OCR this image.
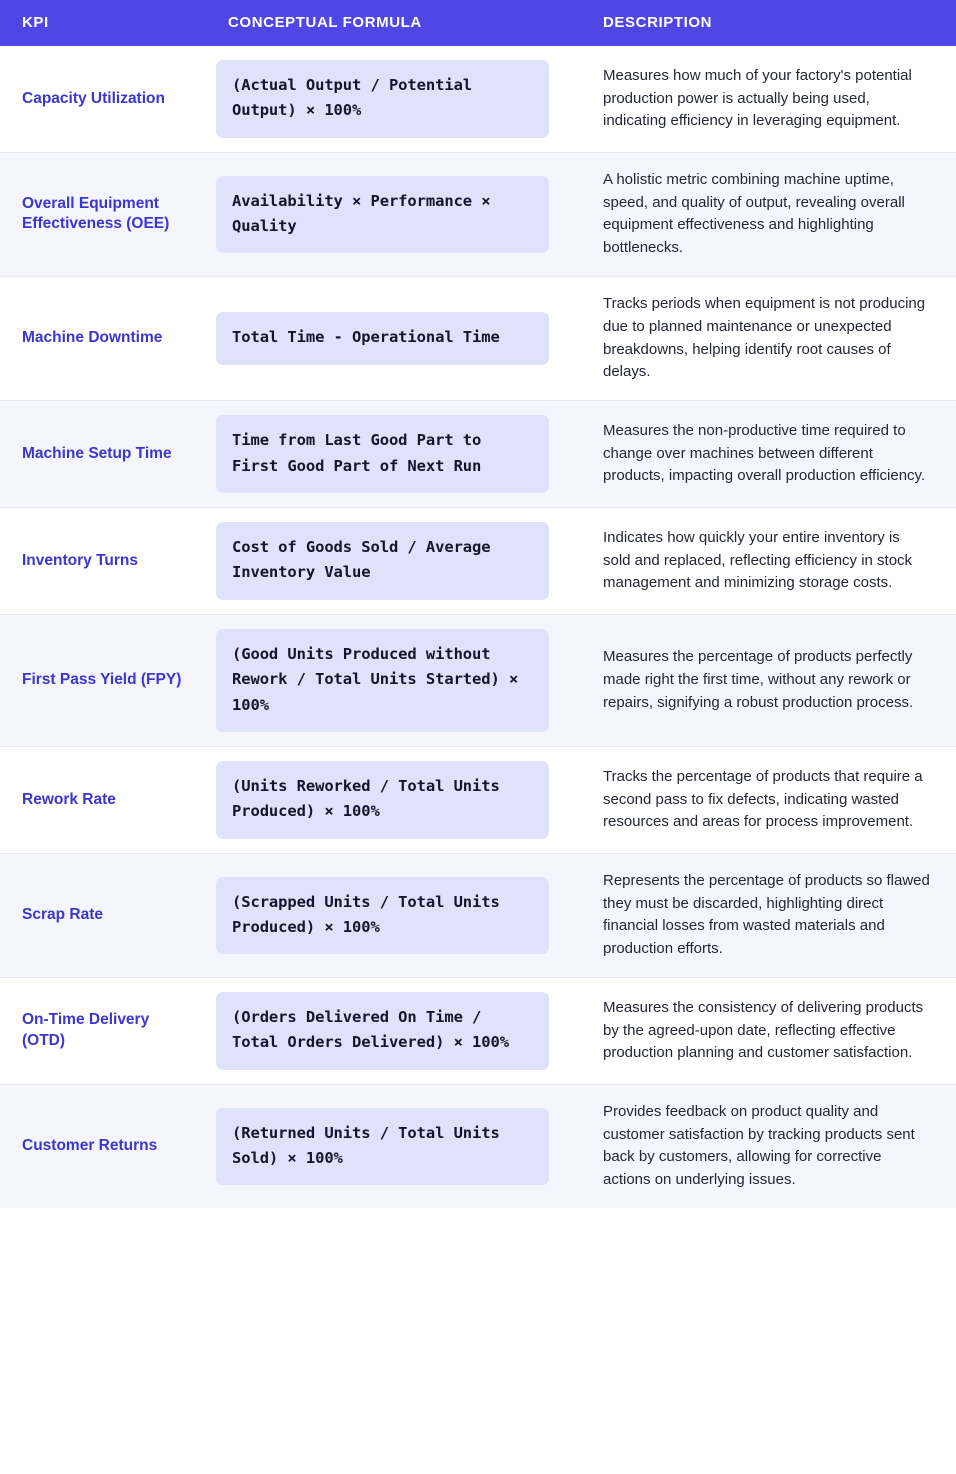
KPI	CONCEPTUAL FORMULA	DESCRIPTION
Capacity Utilization	(Actual Output / Potential Output) × 100%	Measures how much of your factory's potential production power is actually being used, indicating efficiency in leveraging equipment.
Overall Equipment Effectiveness (OEE)	Availability × Performance × Quality	A holistic metric combining machine uptime, speed, and quality of output, revealing overall equipment effectiveness and highlighting bottlenecks.
Machine Downtime	Total Time - Operational Time	Tracks periods when equipment is not producing due to planned maintenance or unexpected breakdowns, helping identify root causes of delays.
Machine Setup Time	Time from Last Good Part to First Good Part of Next Run	Measures the non-productive time required to change over machines between different products, impacting overall production efficiency.
Inventory Turns	Cost of Goods Sold / Average Inventory Value	Indicates how quickly your entire inventory is sold and replaced, reflecting efficiency in stock management and minimizing storage costs.
First Pass Yield (FPY)	(Good Units Produced without Rework / Total Units Started) × 100%	Measures the percentage of products perfectly made right the first time, without any rework or repairs, signifying a robust production process.
Rework Rate	(Units Reworked / Total Units Produced) × 100%	Tracks the percentage of products that require a second pass to fix defects, indicating wasted resources and areas for process improvement.
Scrap Rate	(Scrapped Units / Total Units Produced) × 100%	Represents the percentage of products so flawed they must be discarded, highlighting direct financial losses from wasted materials and production efforts.
On-Time Delivery (OTD)	(Orders Delivered On Time / Total Orders Delivered) × 100%	Measures the consistency of delivering products by the agreed-upon date, reflecting effective production planning and customer satisfaction.
Customer Returns	(Returned Units / Total Units Sold) × 100%	Provides feedback on product quality and customer satisfaction by tracking products sent back by customers, allowing for corrective actions on underlying issues.
